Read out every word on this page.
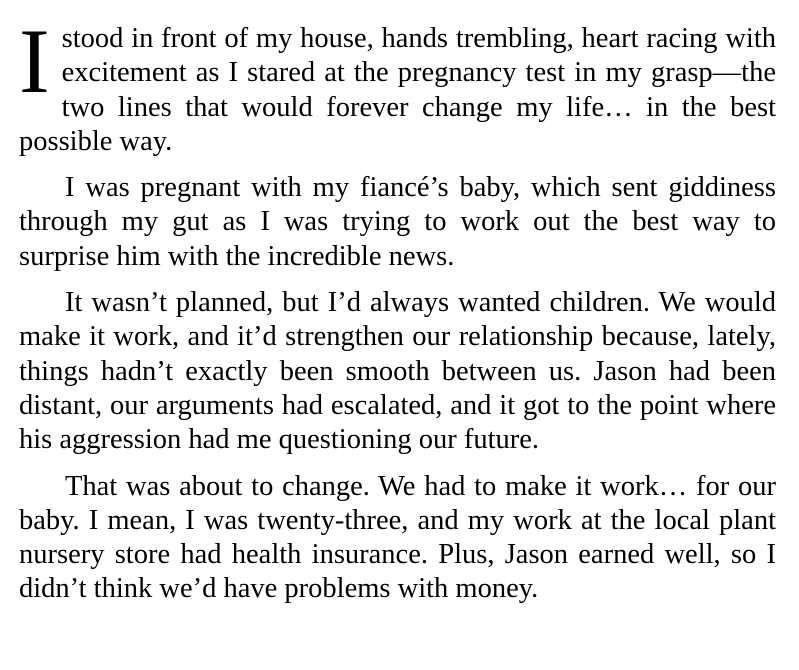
Istood in front of my house, hands trembling, heart racing with excitement as I stared at the pregnancy test in my grasp—the two lines that would forever change my life… in the best possible way.

I was pregnant with my fiancé’s baby, which sent giddiness through my gut as I was trying to work out the best way to surprise him with the incredible news.

It wasn’t planned, but I’d always wanted children. We would make it work, and it’d strengthen our relationship because, lately, things hadn’t exactly been smooth between us. Jason had been distant, our arguments had escalated, and it got to the point where his aggression had me questioning our future.

That was about to change. We had to make it work… for our baby. I mean, I was twenty-three, and my work at the local plant nursery store had health insurance. Plus, Jason earned well, so I didn’t think we’d have problems with money.
